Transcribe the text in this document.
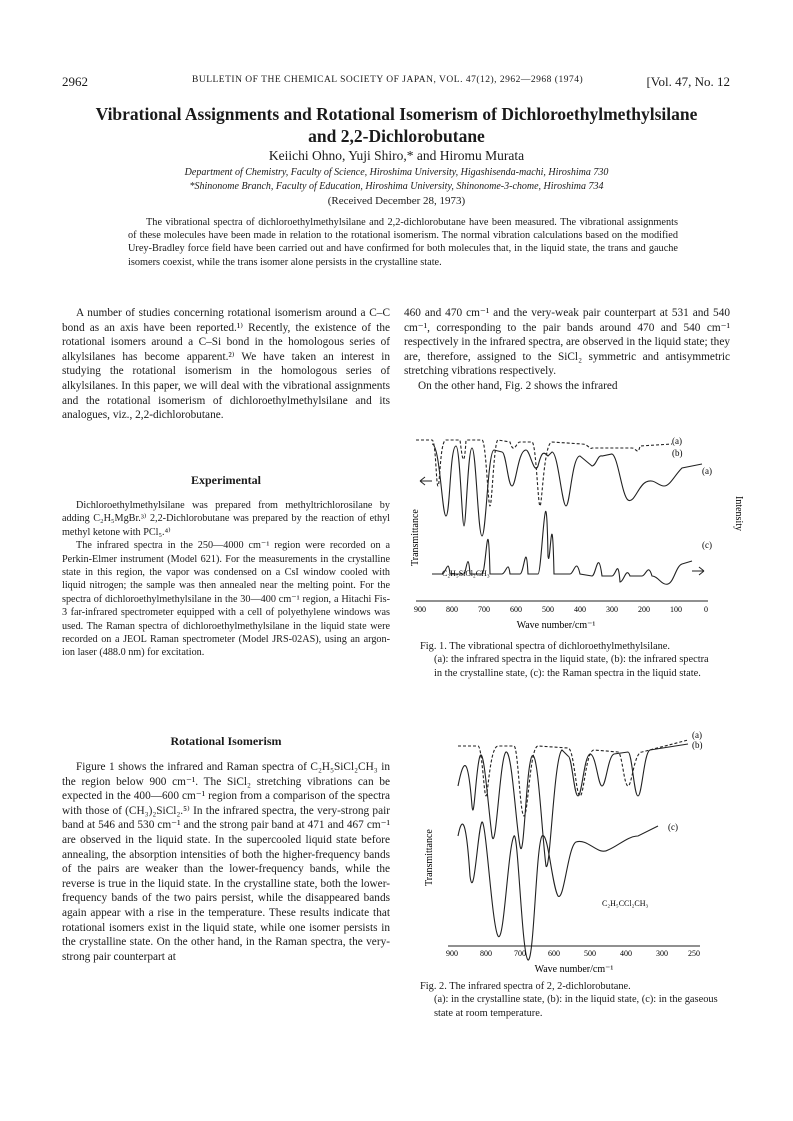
2962	BULLETIN OF THE CHEMICAL SOCIETY OF JAPAN, VOL. 47(12), 2962—2968 (1974)	[Vol. 47, No. 12
Vibrational Assignments and Rotational Isomerism of Dichloroethylmethylsilane
and 2,2-Dichlorobutane
Keiichi Ohno, Yuji Shiro,* and Hiromu Murata
Department of Chemistry, Faculty of Science, Hiroshima University, Higashisenda-machi, Hiroshima 730
*Shinonome Branch, Faculty of Education, Hiroshima University, Shinonome-3-chome, Hiroshima 734
(Received December 28, 1973)
The vibrational spectra of dichloroethylmethylsilane and 2,2-dichlorobutane have been measured. The vibrational assignments of these molecules have been made in relation to the rotational isomerism. The normal vibration calculations based on the modified Urey-Bradley force field have been carried out and have confirmed for both molecules that, in the liquid state, the trans and gauche isomers coexist, while the trans isomer alone persists in the crystalline state.

A number of studies concerning rotational isomerism around a C–C bond as an axis have been reported.¹⁾ Recently, the existence of the rotational isomers around a C–Si bond in the homologous series of alkylsilanes has become apparent.²⁾ We have taken an interest in studying the rotational isomerism in the homologous series of alkylsilanes. In this paper, we will deal with the vibrational assignments and the rotational isomerism of dichloroethylmethylsilane and its analogues, viz., 2,2-dichlorobutane.

Experimental

Dichloroethylmethylsilane was prepared from methyltrichlorosilane by adding C₂H₅MgBr.³⁾ 2,2-Dichlorobutane was prepared by the reaction of ethyl methyl ketone with PCl₅.⁴⁾

The infrared spectra in the 250—4000 cm⁻¹ region were recorded on a Perkin-Elmer instrument (Model 621). For the measurements in the crystalline state in this region, the vapor was condensed on a CsI window cooled with liquid nitrogen; the sample was then annealed near the melting point. For the spectra of dichloroethylmethylsilane in the 30—400 cm⁻¹ region, a Hitachi Fis-3 far-infrared spectrometer equipped with a cell of polyethylene windows was used. The Raman spectra of dichloroethylmethylsilane in the liquid state were recorded on a JEOL Raman spectrometer (Model JRS-02AS), using an argon-ion laser (488.0 nm) for excitation.

Rotational Isomerism

Figure 1 shows the infrared and Raman spectra of C₂H₅SiCl₂CH₃ in the region below 900 cm⁻¹. The SiCl₂ stretching vibrations can be expected in the 400—600 cm⁻¹ region from a comparison of the spectra with those of (CH₃)₂SiCl₂.⁵⁾ In the infrared spectra, the very-strong pair band at 546 and 530 cm⁻¹ and the strong pair band at 471 and 467 cm⁻¹ are observed in the liquid state. In the supercooled liquid state before annealing, the absorption intensities of both the higher-frequency bands of the pairs are weaker than the lower-frequency bands, while the reverse is true in the liquid state. In the crystalline state, both the lower-frequency bands of the two pairs persist, while the disappeared bands again appear with a rise in the temperature. These results indicate that rotational isomers exist in the liquid state, while one isomer persists in the crystalline state. On the other hand, in the Raman spectra, the very-strong pair counterpart at

460 and 470 cm⁻¹ and the very-weak pair counterpart at 531 and 540 cm⁻¹, corresponding to the pair bands around 470 and 540 cm⁻¹ respectively in the infrared spectra, are observed in the liquid state; they are, therefore, assigned to the SiCl₂ symmetric and antisymmetric stretching vibrations respectively.

On the other hand, Fig. 2 shows the infrared

Transmittance	Intensity
(a)
(b)
(a)
(c)
C₂H₅SiCl₂CH₃
900	800	700	600	500	400	300	200	100	0
Wave number/cm⁻¹
Fig. 1. The vibrational spectra of dichloroethylmethylsilane.
(a): the infrared spectra in the liquid state, (b): the infrared spectra in the crystalline state, (c): the Raman spectra in the liquid state.
Transmittance
(a)
(b)
(c)
C₂H₅CCl₂CH₃
900	800	700	600	500	400	300	250
Wave number/cm⁻¹
Fig. 2. The infrared spectra of 2, 2-dichlorobutane.
(a): in the crystalline state, (b): in the liquid state, (c): in the gaseous state at room temperature.
